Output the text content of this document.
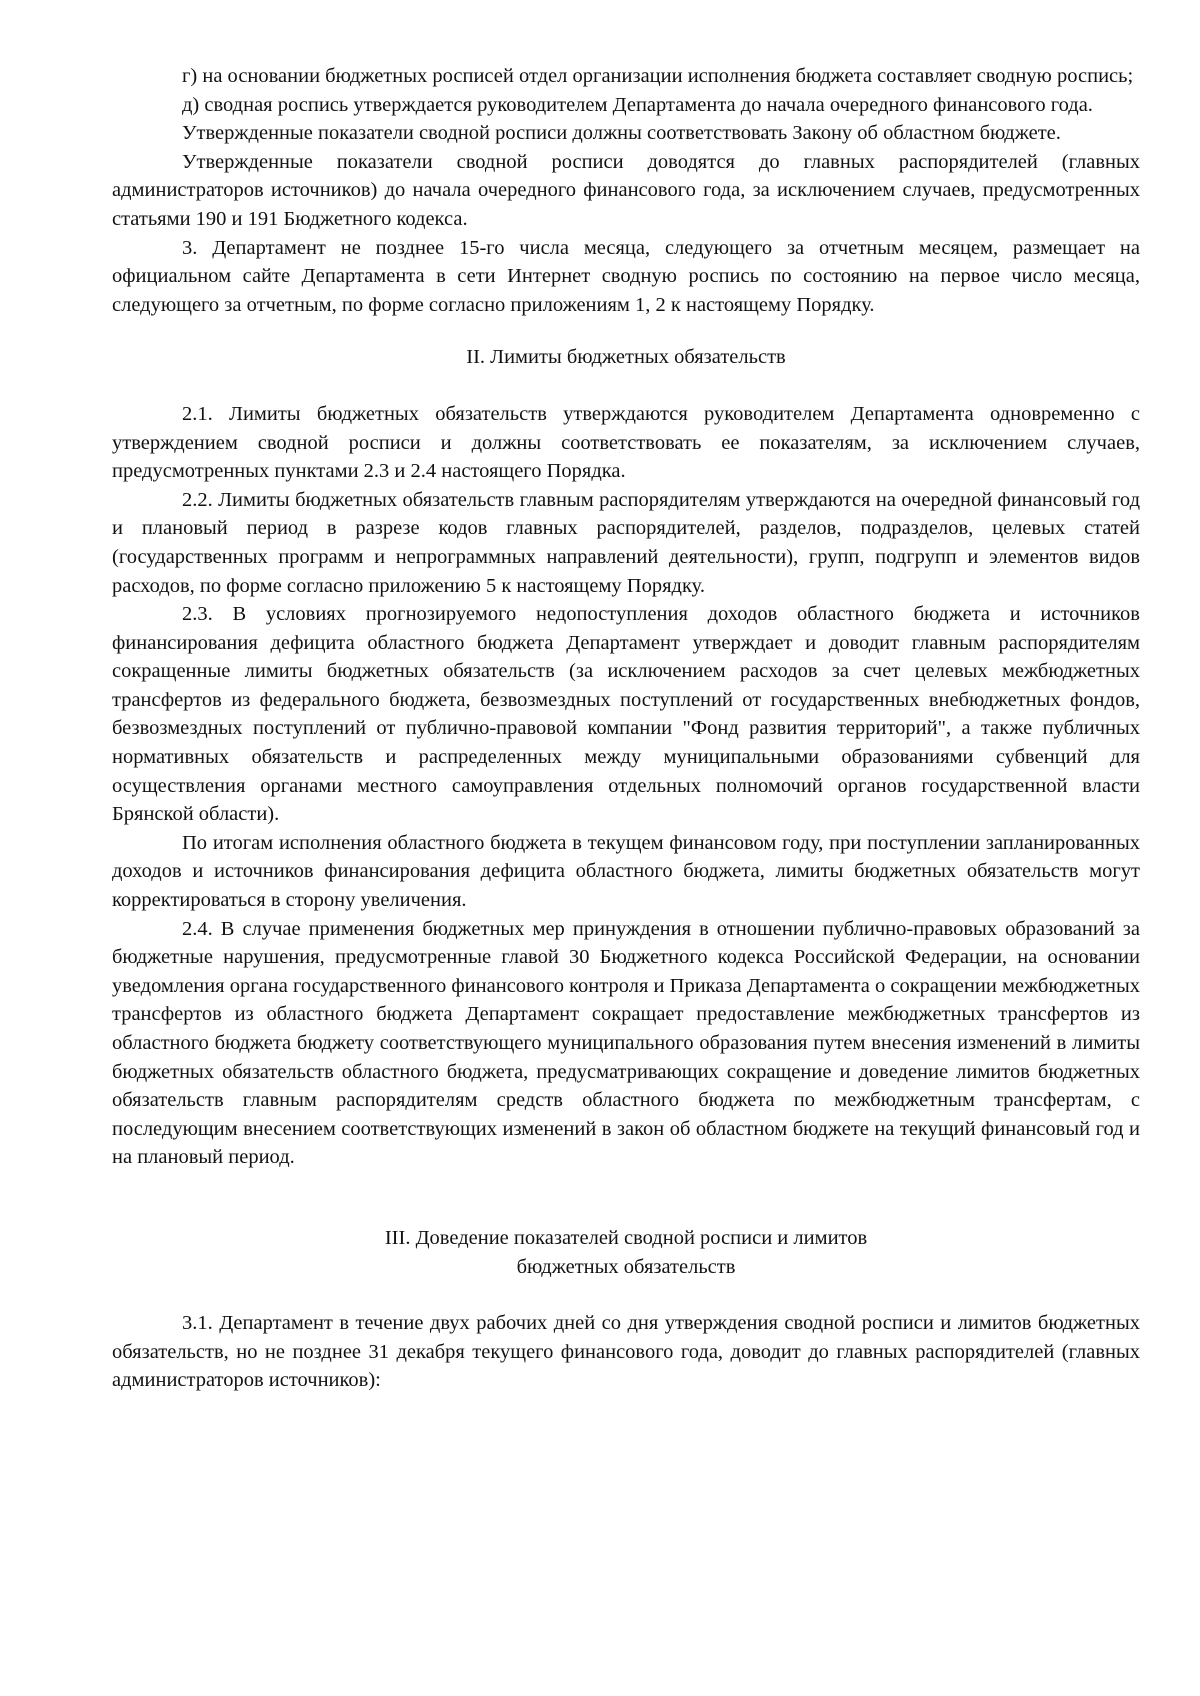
г) на основании бюджетных росписей отдел организации исполнения бюджета составляет сводную роспись;

д) сводная роспись утверждается руководителем Департамента до начала очередного финансового года.

Утвержденные показатели сводной росписи должны соответствовать Закону об областном бюджете.

Утвержденные показатели сводной росписи доводятся до главных распорядителей (главных администраторов источников) до начала очередного финансового года, за исключением случаев, предусмотренных статьями 190 и 191 Бюджетного кодекса.

3. Департамент не позднее 15-го числа месяца, следующего за отчетным месяцем, размещает на официальном сайте Департамента в сети Интернет сводную роспись по состоянию на первое число месяца, следующего за отчетным, по форме согласно приложениям 1, 2 к настоящему Порядку.

II. Лимиты бюджетных обязательств

2.1. Лимиты бюджетных обязательств утверждаются руководителем Департамента одновременно с утверждением сводной росписи и должны соответствовать ее показателям, за исключением случаев, предусмотренных пунктами 2.3 и 2.4 настоящего Порядка.

2.2. Лимиты бюджетных обязательств главным распорядителям утверждаются на очередной финансовый год и плановый период в разрезе кодов главных распорядителей, разделов, подразделов, целевых статей (государственных программ и непрограммных направлений деятельности), групп, подгрупп и элементов видов расходов, по форме согласно приложению 5 к настоящему Порядку.

2.3. В условиях прогнозируемого недопоступления доходов областного бюджета и источников финансирования дефицита областного бюджета Департамент утверждает и доводит главным распорядителям сокращенные лимиты бюджетных обязательств (за исключением расходов за счет целевых межбюджетных трансфертов из федерального бюджета, безвозмездных поступлений от государственных внебюджетных фондов, безвозмездных поступлений от публично-правовой компании "Фонд развития территорий", а также публичных нормативных обязательств и распределенных между муниципальными образованиями субвенций для осуществления органами местного самоуправления отдельных полномочий органов государственной власти Брянской области).

По итогам исполнения областного бюджета в текущем финансовом году, при поступлении запланированных доходов и источников финансирования дефицита областного бюджета, лимиты бюджетных обязательств могут корректироваться в сторону увеличения.

2.4. В случае применения бюджетных мер принуждения в отношении публично-правовых образований за бюджетные нарушения, предусмотренные главой 30 Бюджетного кодекса Российской Федерации, на основании уведомления органа государственного финансового контроля и Приказа Департамента о сокращении межбюджетных трансфертов из областного бюджета Департамент сокращает предоставление межбюджетных трансфертов из областного бюджета бюджету соответствующего муниципального образования путем внесения изменений в лимиты бюджетных обязательств областного бюджета, предусматривающих сокращение и доведение лимитов бюджетных обязательств главным распорядителям средств областного бюджета по межбюджетным трансфертам, с последующим внесением соответствующих изменений в закон об областном бюджете на текущий финансовый год и на плановый период.

III. Доведение показателей сводной росписи и лимитов

бюджетных обязательств

3.1. Департамент в течение двух рабочих дней со дня утверждения сводной росписи и лимитов бюджетных обязательств, но не позднее 31 декабря текущего финансового года, доводит до главных распорядителей (главных администраторов источников):
